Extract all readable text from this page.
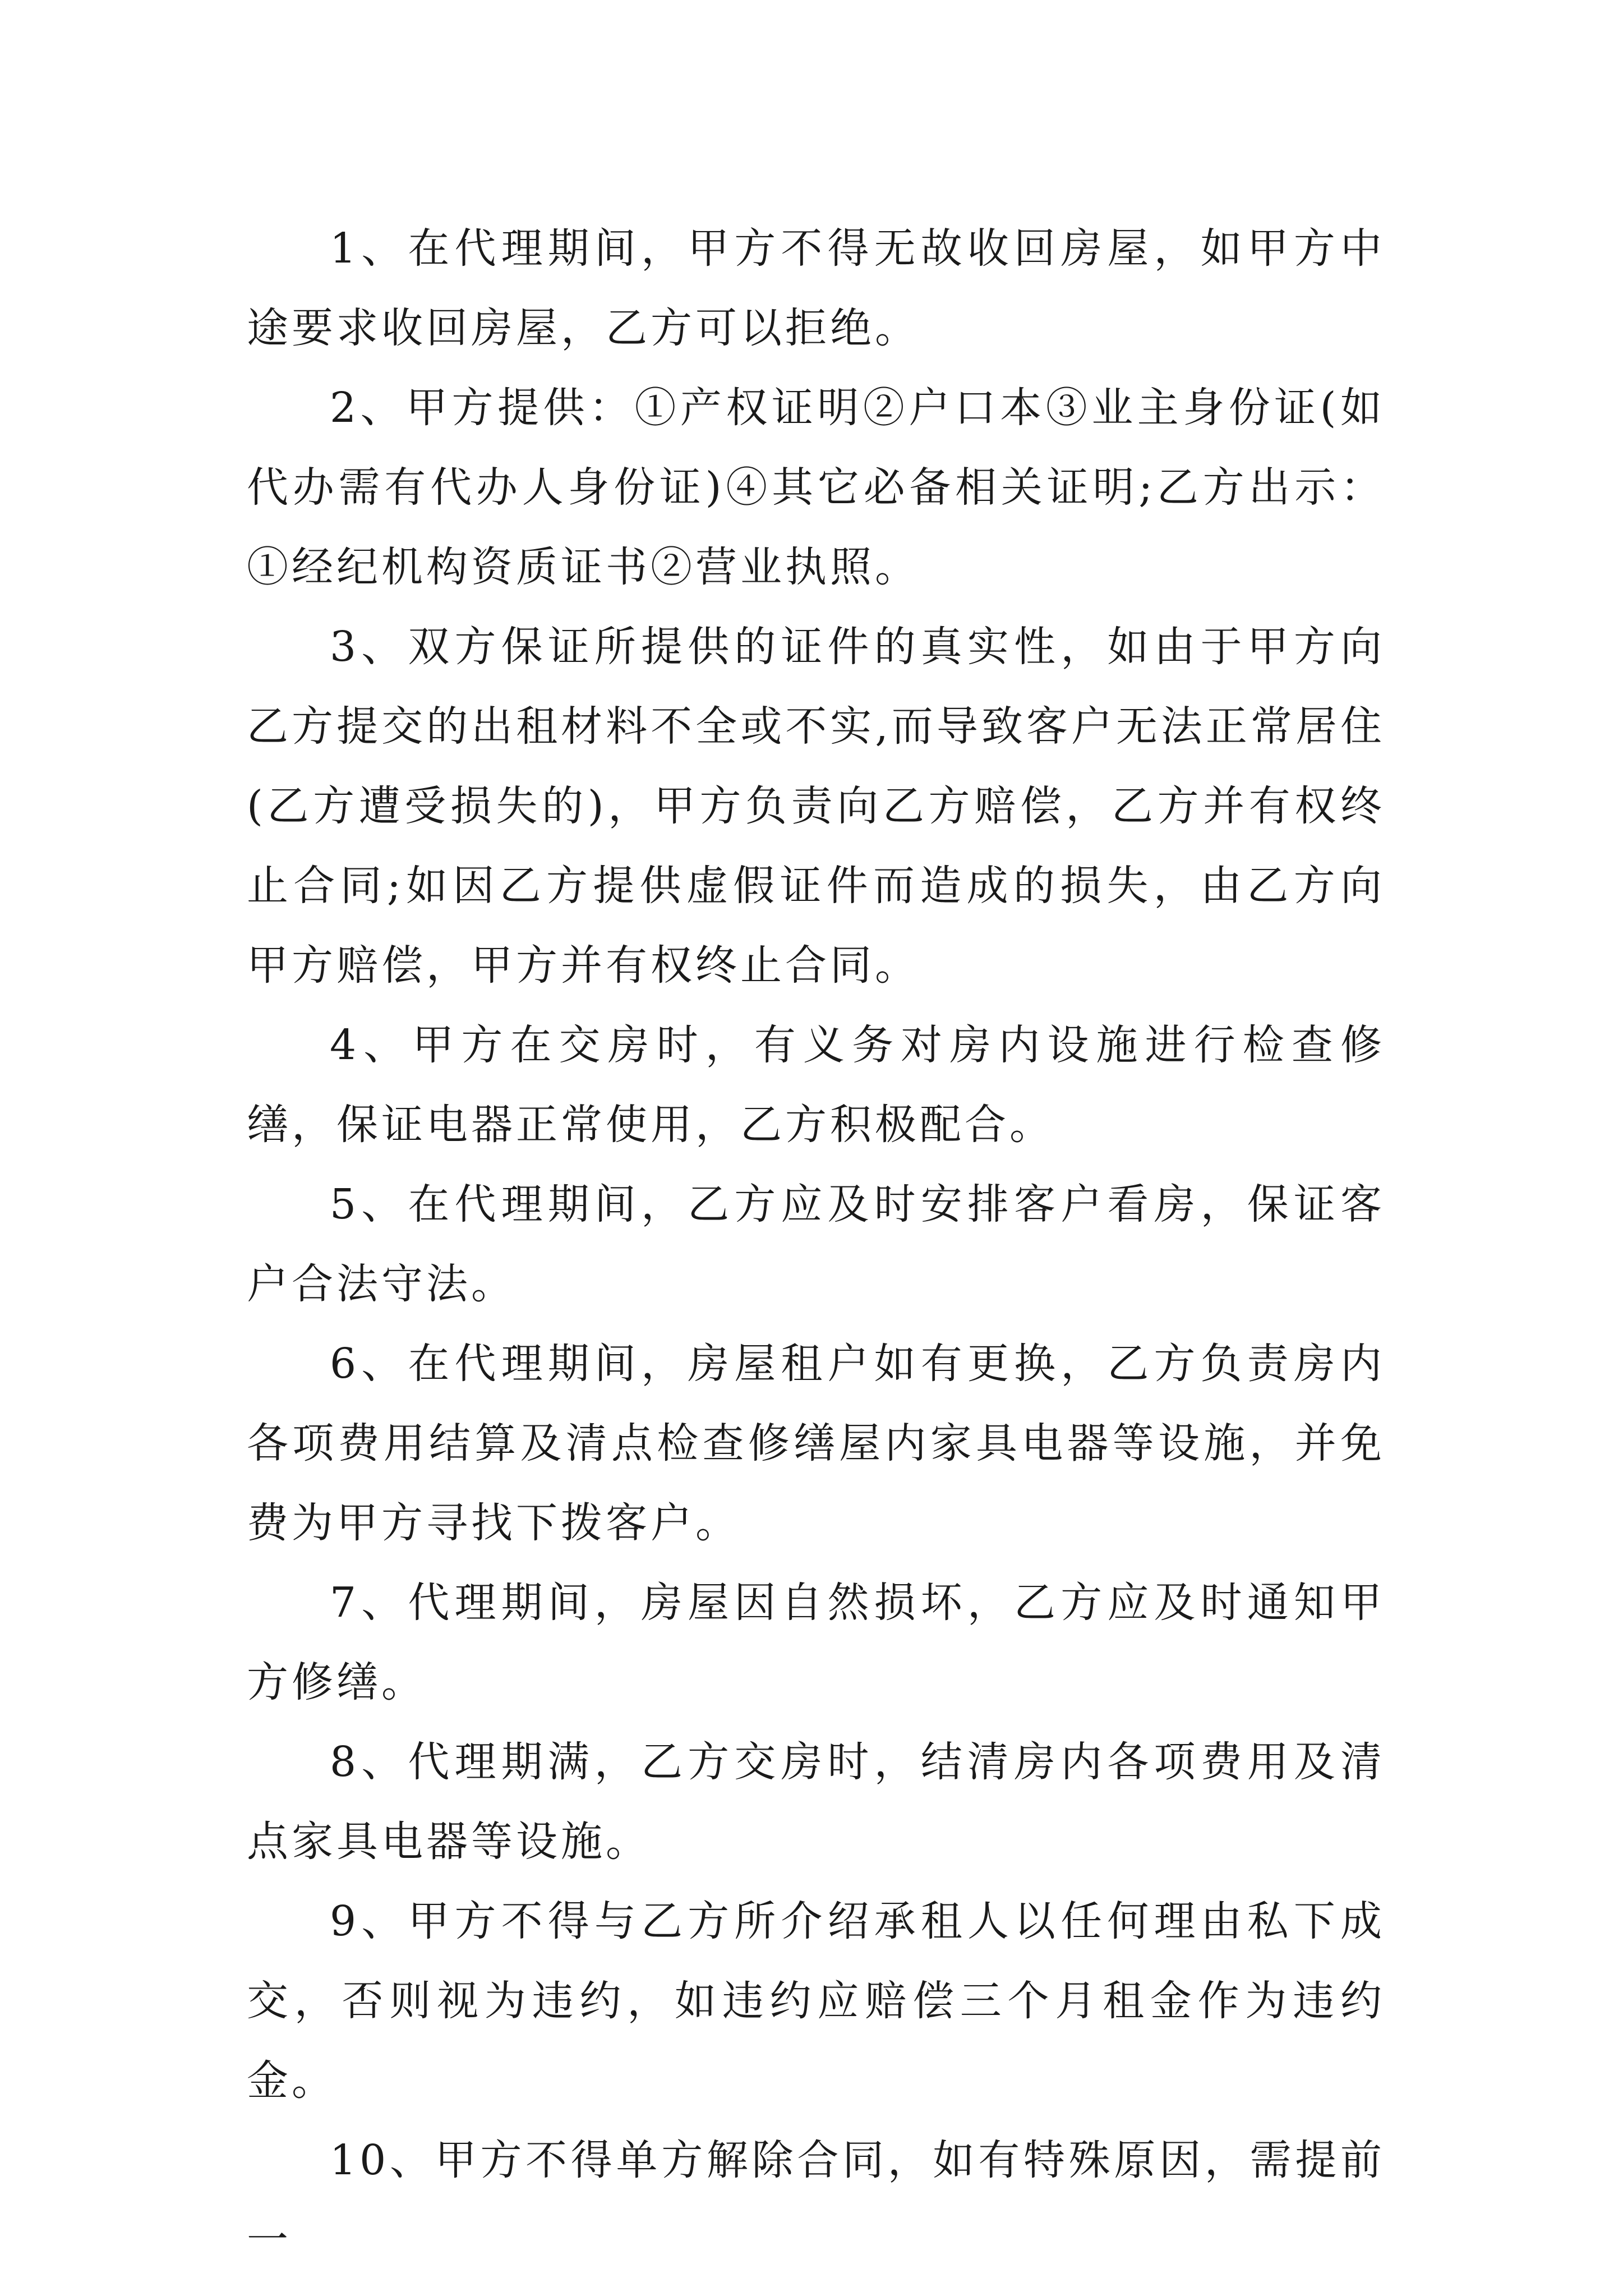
1、在代理期间，甲方不得无故收回房屋，如甲方中途要求收回房屋，乙方可以拒绝。

2、甲方提供：①产权证明②户口本③业主身份证(如代办需有代办人身份证)④其它必备相关证明;乙方出示：①经纪机构资质证书②营业执照。

3、双方保证所提供的证件的真实性，如由于甲方向乙方提交的出租材料不全或不实,而导致客户无法正常居住(乙方遭受损失的)，甲方负责向乙方赔偿，乙方并有权终止合同;如因乙方提供虚假证件而造成的损失，由乙方向甲方赔偿，甲方并有权终止合同。

4、甲方在交房时，有义务对房内设施进行检查修缮，保证电器正常使用，乙方积极配合。

5、在代理期间，乙方应及时安排客户看房，保证客户合法守法。

6、在代理期间，房屋租户如有更换，乙方负责房内各项费用结算及清点检查修缮屋内家具电器等设施，并免费为甲方寻找下拨客户。

7、代理期间，房屋因自然损坏，乙方应及时通知甲方修缮。

8、代理期满，乙方交房时，结清房内各项费用及清点家具电器等设施。

9、甲方不得与乙方所介绍承租人以任何理由私下成交，否则视为违约，如违约应赔偿三个月租金作为违约金。

10、甲方不得单方解除合同，如有特殊原因，需提前一
